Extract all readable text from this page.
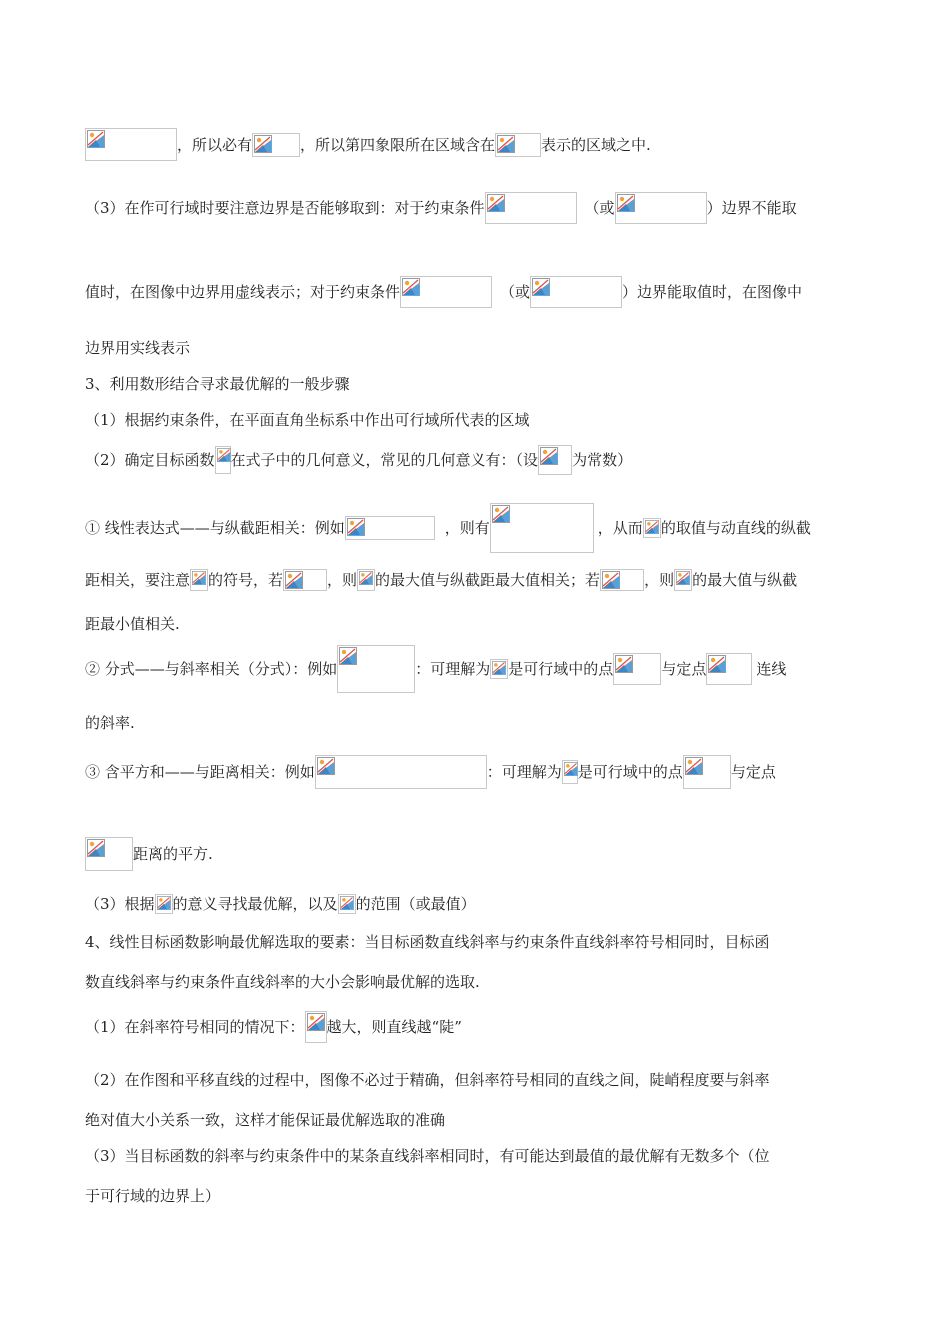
，所以必有	，所以第四象限所在区域含在	表示的区域之中.
（3）在作可行域时要注意边界是否能够取到：对于约束条件	（或	）边界不能取
值时，在图像中边界用虚线表示；对于约束条件	（或	）边界能取值时，在图像中
边界用实线表示
3、利用数形结合寻求最优解的一般步骤
（1）根据约束条件，在平面直角坐标系中作出可行域所代表的区域
（2）确定目标函数 在式子中的几何意义，常见的几何意义有：（设 为常数）
① 线性表达式——与纵截距相关：例如	，则有	，从而 的取值与动直线的纵截
距相关，要注意 的符号，若	，则 的最大值与纵截距最大值相关；若	，则 的最大值与纵截
距最小值相关.
② 分式——与斜率相关（分式）：例如	：可理解为 是可行域中的点	与定点	连线
的斜率.
③ 含平方和——与距离相关：例如	：可理解为 是可行域中的点	与定点
距离的平方.
（3）根据 的意义寻找最优解，以及 的范围（或最值）
4、线性目标函数影响最优解选取的要素：当目标函数直线斜率与约束条件直线斜率符号相同时，目标函
数直线斜率与约束条件直线斜率的大小会影响最优解的选取.
（1）在斜率符号相同的情况下： 越大，则直线越“陡”
（2）在作图和平移直线的过程中，图像不必过于精确，但斜率符号相同的直线之间，陡峭程度要与斜率
绝对值大小关系一致，这样才能保证最优解选取的准确
（3）当目标函数的斜率与约束条件中的某条直线斜率相同时，有可能达到最值的最优解有无数多个（位
于可行域的边界上）
